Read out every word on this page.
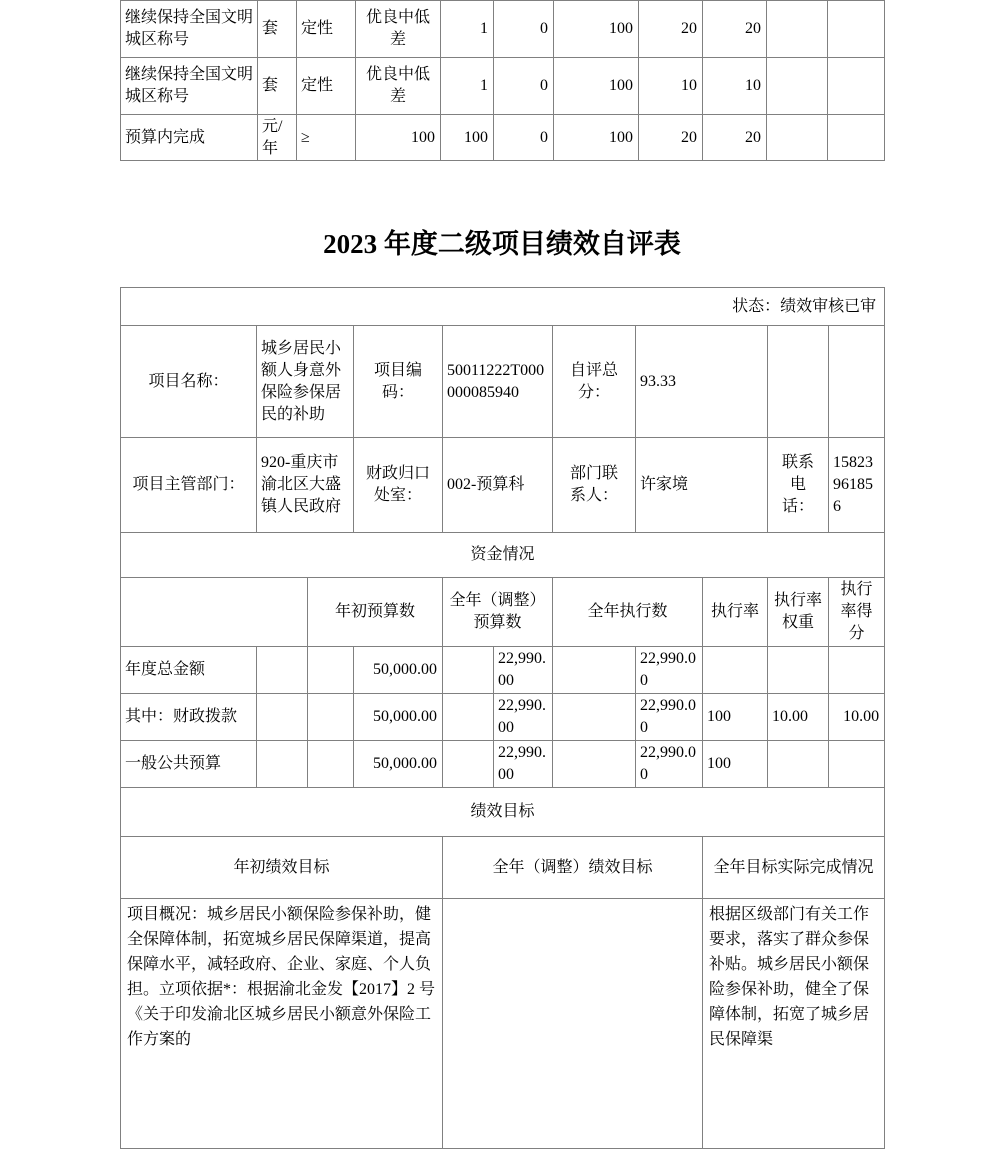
继续保持全国文明城区称号	套	定性	优良中低差	1	0	100	20	20		
继续保持全国文明城区称号	套	定性	优良中低差	1	0	100	10	10		
预算内完成	元/年	≥	100	100	0	100	20	20		
2023 年度二级项目绩效自评表
状态：绩效审核已审										
项目名称：	城乡居民小额人身意外保险参保居民的补助		项目编码：	50011222T000000085940		自评总分：	93.33			
项目主管部门：	920-重庆市渝北区大盛镇人民政府		财政归口处室：	002-预算科		部门联系人：	许家境		联系电话：	15823961856
资金情况										
		年初预算数		全年（调整）预算数		全年执行数		执行率	执行率权重	执行率得分
年度总金额			50,000.00		22,990.00		22,990.00			
其中：财政拨款			50,000.00		22,990.00		22,990.00	100	10.00	10.00
一般公共预算			50,000.00		22,990.00		22,990.00	100		
绩效目标										
年初绩效目标				全年（调整）绩效目标				全年目标实际完成情况		
项目概况：城乡居民小额保险参保补助，健全保障体制，拓宽城乡居民保障渠道，提高保障水平，减轻政府、企业、家庭、个人负担。立项依据*：根据渝北金发【2017】2 号《关于印发渝北区城乡居民小额意外保险工作方案的								根据区级部门有关工作要求，落实了群众参保补贴。城乡居民小额保险参保补助，健全了保障体制，拓宽了城乡居民保障渠		
